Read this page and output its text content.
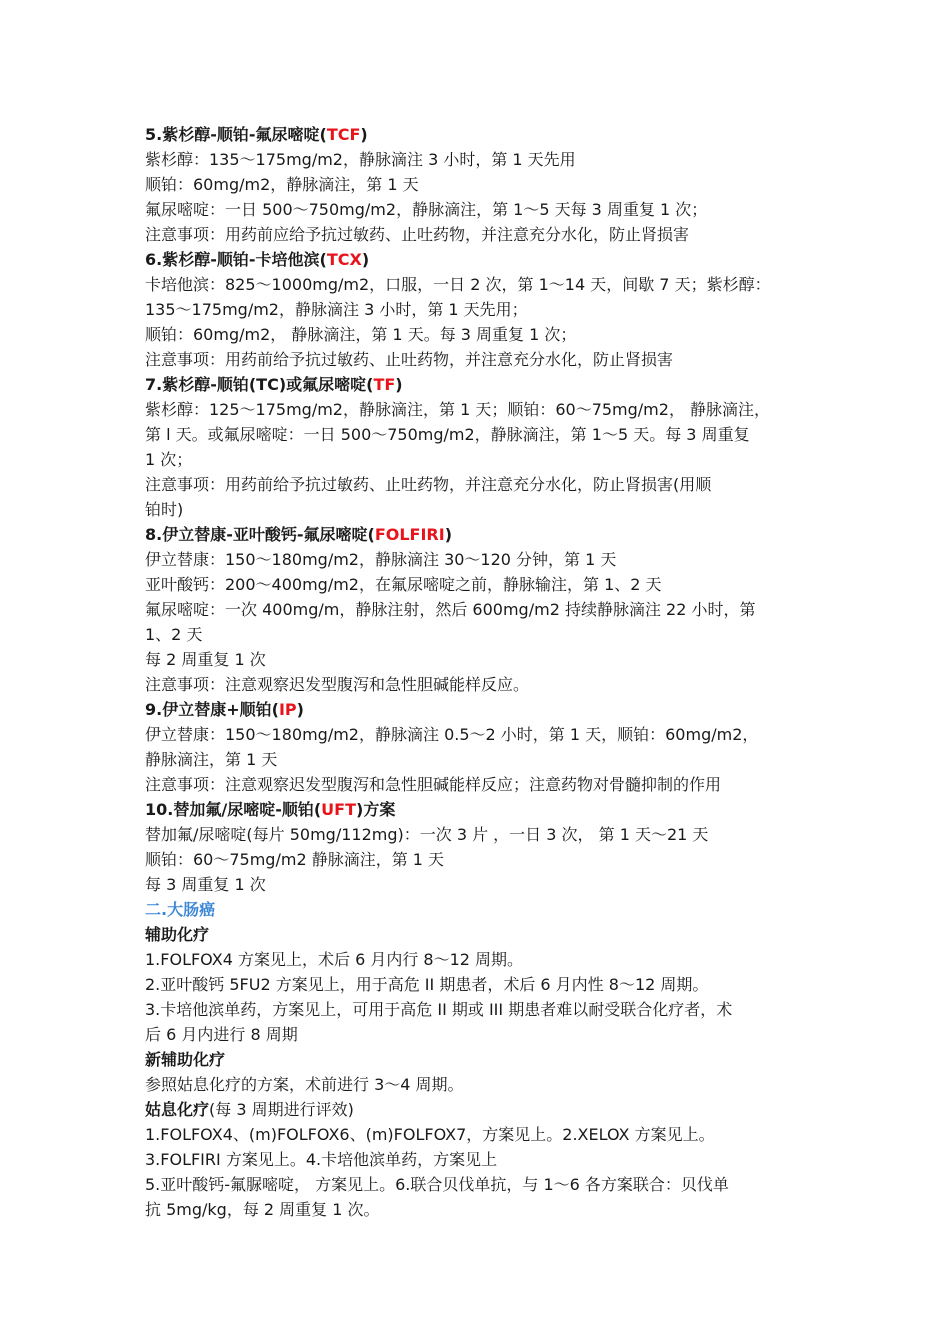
5.紫杉醇-顺铂-氟尿嘧啶(TCF)
紫杉醇：135～175mg/m2，静脉滴注 3 小时，第 1 天先用
顺铂：60mg/m2，静脉滴注，第 1 天
氟尿嘧啶：一日 500～750mg/m2，静脉滴注，第 1～5 天每 3 周重复 1 次；
注意事项：用药前应给予抗过敏药、止吐药物，并注意充分水化，防止肾损害
6.紫杉醇-顺铂-卡培他滨(TCX)
卡培他滨：825～1000mg/m2，口服，一日 2 次，第 1～14 天，间歇 7 天；紫杉醇：
135～175mg/m2，静脉滴注 3 小时，第 1 天先用；
顺铂：60mg/m2， 静脉滴注，第 1 天。每 3 周重复 1 次；
注意事项：用药前给予抗过敏药、止吐药物，并注意充分水化，防止肾损害
7.紫杉醇-顺铂(TC)或氟尿嘧啶(TF)
紫杉醇：125～175mg/m2，静脉滴注，第 1 天；顺铂：60～75mg/m2， 静脉滴注，
第 l 天。或氟尿嘧啶：一日 500～750mg/m2，静脉滴注，第 1～5 天。每 3 周重复
1 次；
注意事项：用药前给予抗过敏药、止吐药物，并注意充分水化，防止肾损害(用顺
铂时)
8.伊立替康-亚叶酸钙-氟尿嘧啶(FOLFIRI)
伊立替康：150～180mg/m2，静脉滴注 30～120 分钟，第 1 天
亚叶酸钙：200～400mg/m2，在氟尿嘧啶之前，静脉输注，第 1、2 天
氟尿嘧啶：一次 400mg/m，静脉注射，然后 600mg/m2 持续静脉滴注 22 小时，第
1、2 天
每 2 周重复 1 次
注意事项：注意观察迟发型腹泻和急性胆碱能样反应。
9.伊立替康+顺铂(IP)
伊立替康：150～180mg/m2，静脉滴注 0.5～2 小时，第 1 天，顺铂：60mg/m2，
静脉滴注，第 1 天
注意事项：注意观察迟发型腹泻和急性胆碱能样反应；注意药物对骨髓抑制的作用
10.替加氟/尿嘧啶-顺铂(UFT)方案
替加氟/尿嘧啶(每片 50mg/112mg)：一次 3 片 ，一日 3 次， 第 1 天～21 天
顺铂：60～75mg/m2 静脉滴注，第 1 天
每 3 周重复 1 次
二.大肠癌
辅助化疗
1.FOLFOX4 方案见上，术后 6 月内行 8～12 周期。
2.亚叶酸钙 5FU2 方案见上，用于高危 II 期患者，术后 6 月内性 8～12 周期。
3.卡培他滨单药，方案见上，可用于高危 II 期或 III 期患者难以耐受联合化疗者，术
后 6 月内进行 8 周期
新辅助化疗
参照姑息化疗的方案，术前进行 3～4 周期。
姑息化疗(每 3 周期进行评效)
1.FOLFOX4、(m)FOLFOX6、(m)FOLFOX7，方案见上。2.XELOX 方案见上。
3.FOLFIRI 方案见上。4.卡培他滨单药，方案见上
5.亚叶酸钙-氟脲嘧啶， 方案见上。6.联合贝伐单抗，与 1～6 各方案联合：贝伐单
抗 5mg/kg，每 2 周重复 1 次。
